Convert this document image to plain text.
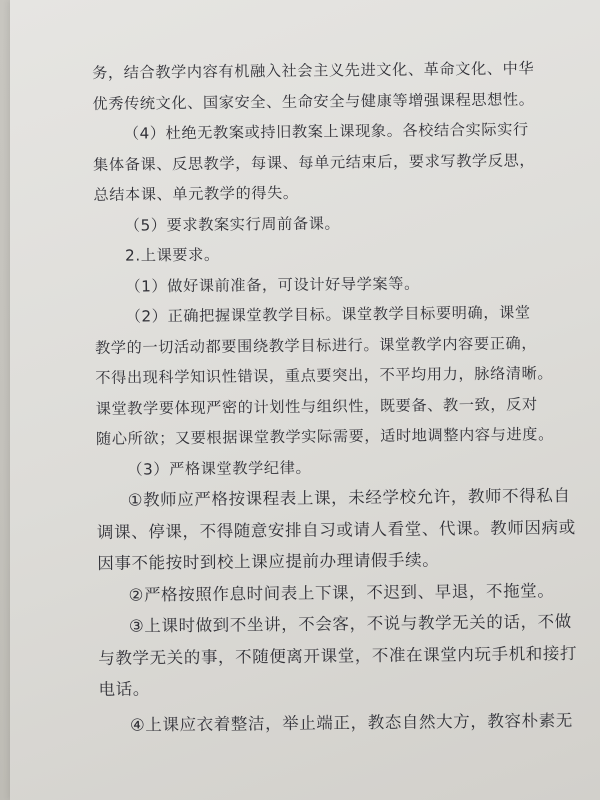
务，结合教学内容有机融入社会主义先进文化、革命文化、中华
优秀传统文化、国家安全、生命安全与健康等增强课程思想性。
（4）杜绝无教案或持旧教案上课现象。各校结合实际实行
集体备课、反思教学，每课、每单元结束后，要求写教学反思，
总结本课、单元教学的得失。
（5）要求教案实行周前备课。
2.上课要求。
（1）做好课前准备，可设计好导学案等。
（2）正确把握课堂教学目标。课堂教学目标要明确，课堂
教学的一切活动都要围绕教学目标进行。课堂教学内容要正确，
不得出现科学知识性错误，重点要突出，不平均用力，脉络清晰。
课堂教学要体现严密的计划性与组织性，既要备、教一致，反对
随心所欲；又要根据课堂教学实际需要，适时地调整内容与进度。
（3）严格课堂教学纪律。
①教师应严格按课程表上课，未经学校允许，教师不得私自
调课、停课，不得随意安排自习或请人看堂、代课。教师因病或
因事不能按时到校上课应提前办理请假手续。
②严格按照作息时间表上下课，不迟到、早退，不拖堂。
③上课时做到不坐讲，不会客，不说与教学无关的话，不做
与教学无关的事，不随便离开课堂，不准在课堂内玩手机和接打
电话。
④上课应衣着整洁，举止端正，教态自然大方，教容朴素无
